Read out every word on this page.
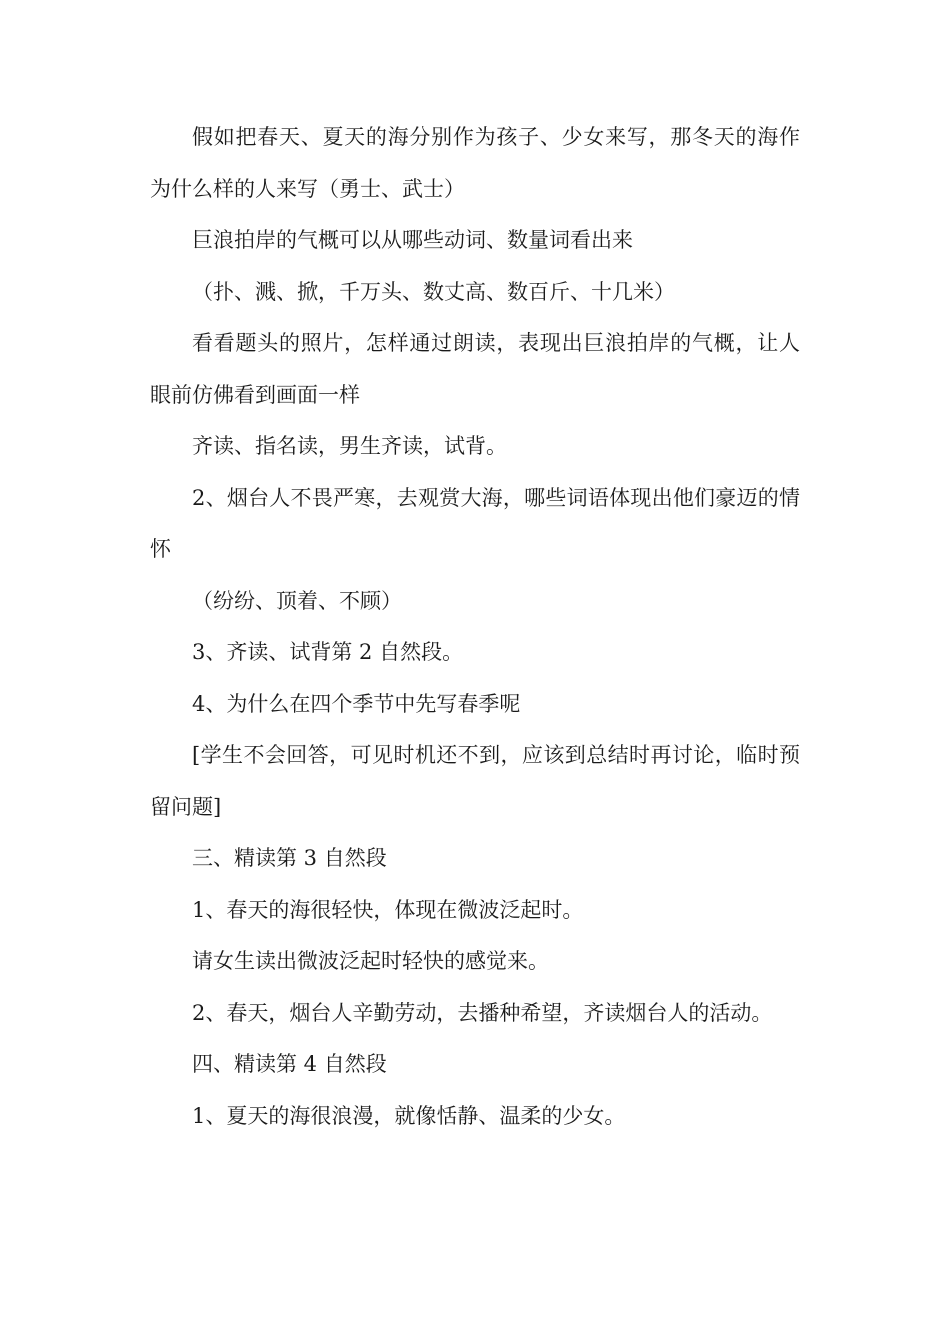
假如把春天、夏天的海分别作为孩子、少女来写，那冬天的海作为什么样的人来写（勇士、武士）

巨浪拍岸的气概可以从哪些动词、数量词看出来

（扑、溅、掀，千万头、数丈高、数百斤、十几米）

看看题头的照片，怎样通过朗读，表现出巨浪拍岸的气概，让人眼前仿佛看到画面一样

齐读、指名读，男生齐读，试背。

2、烟台人不畏严寒，去观赏大海，哪些词语体现出他们豪迈的情怀

（纷纷、顶着、不顾）

3、齐读、试背第 2 自然段。

4、为什么在四个季节中先写春季呢

[学生不会回答，可见时机还不到，应该到总结时再讨论，临时预留问题]

三、精读第 3 自然段

1、春天的海很轻快，体现在微波泛起时。

请女生读出微波泛起时轻快的感觉来。

2、春天，烟台人辛勤劳动，去播种希望，齐读烟台人的活动。

四、精读第 4 自然段

1、夏天的海很浪漫，就像恬静、温柔的少女。
